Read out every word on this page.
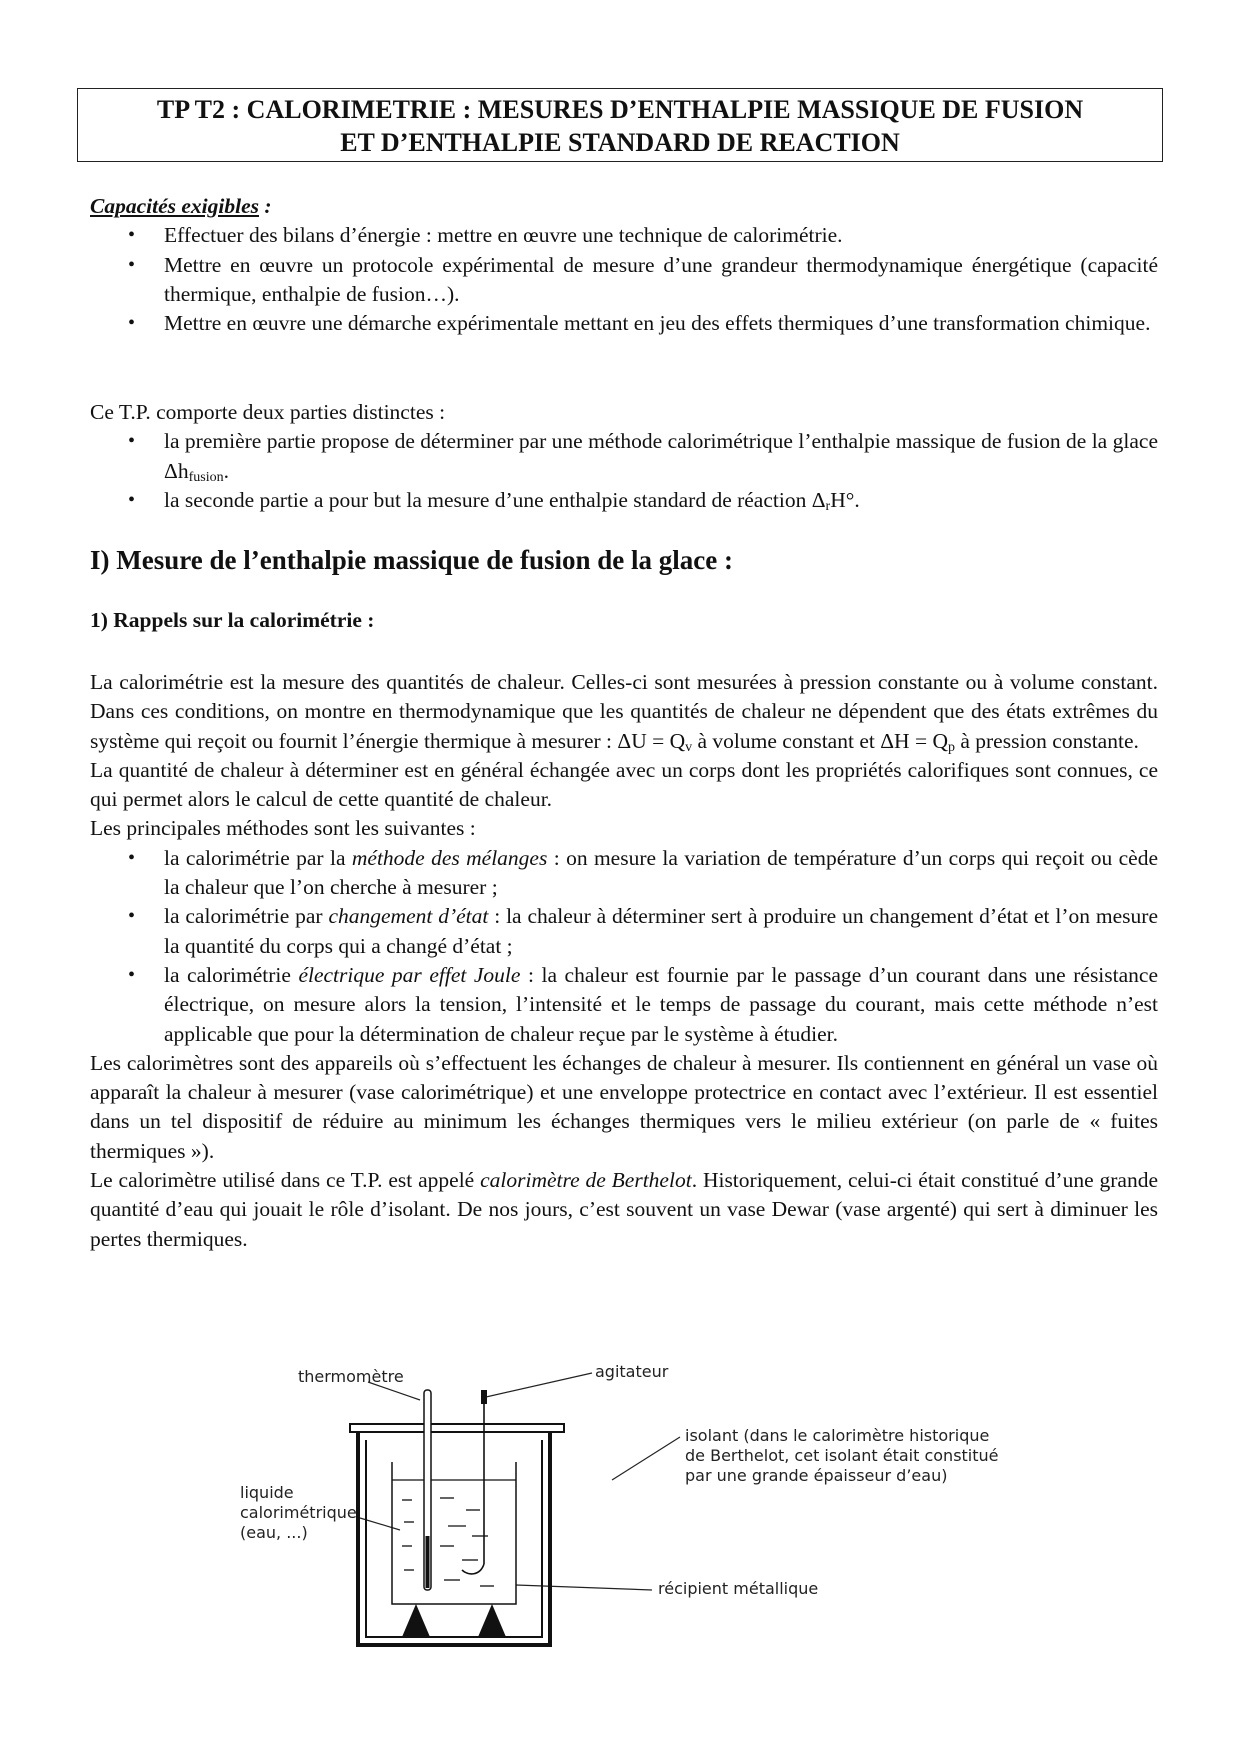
TP T2 : CALORIMETRIE : MESURES D’ENTHALPIE MASSIQUE DE FUSION
ET D’ENTHALPIE STANDARD DE REACTION
Capacités exigibles :
• Effectuer des bilans d’énergie : mettre en œuvre une technique de calorimétrie.
• Mettre en œuvre un protocole expérimental de mesure d’une grandeur thermodynamique énergétique (capacité thermique, enthalpie de fusion…).
• Mettre en œuvre une démarche expérimentale mettant en jeu des effets thermiques d’une transformation chimique.

Ce T.P. comporte deux parties distinctes :

• la première partie propose de déterminer par une méthode calorimétrique l’enthalpie massique de fusion de la glace $\Delta h_{fusion}$.
• la seconde partie a pour but la mesure d’une enthalpie standard de réaction $\Delta_rH^\circ$.
I) Mesure de l’enthalpie massique de fusion de la glace :
1) Rappels sur la calorimétrie :

La calorimétrie est la mesure des quantités de chaleur. Celles-ci sont mesurées à pression constante ou à volume constant. Dans ces conditions, on montre en thermodynamique que les quantités de chaleur ne dépendent que des états extrêmes du système qui reçoit ou fournit l’énergie thermique à mesurer : $\Delta U = Q_v$ à volume constant et $\Delta H = Q_p$ à pression constante.

La quantité de chaleur à déterminer est en général échangée avec un corps dont les propriétés calorifiques sont connues, ce qui permet alors le calcul de cette quantité de chaleur.

Les principales méthodes sont les suivantes :

• la calorimétrie par la méthode des mélanges : on mesure la variation de température d’un corps qui reçoit ou cède la chaleur que l’on cherche à mesurer ;
• la calorimétrie par changement d’état : la chaleur à déterminer sert à produire un changement d’état et l’on mesure la quantité du corps qui a changé d’état ;
• la calorimétrie électrique par effet Joule : la chaleur est fournie par le passage d’un courant dans une résistance électrique, on mesure alors la tension, l’intensité et le temps de passage du courant, mais cette méthode n’est applicable que pour la détermination de chaleur reçue par le système à étudier.

Les calorimètres sont des appareils où s’effectuent les échanges de chaleur à mesurer. Ils contiennent en général un vase où apparaît la chaleur à mesurer (vase calorimétrique) et une enveloppe protectrice en contact avec l’extérieur. Il est essentiel dans un tel dispositif de réduire au minimum les échanges thermiques vers le milieu extérieur (on parle de « fuites thermiques »).

Le calorimètre utilisé dans ce T.P. est appelé calorimètre de Berthelot. Historiquement, celui-ci était constitué d’une grande quantité d’eau qui jouait le rôle d’isolant. De nos jours, c’est souvent un vase Dewar (vase argenté) qui sert à diminuer les pertes thermiques.

thermomètre	agitateur
isolant (dans le calorimètre historique
de Berthelot, cet isolant était constitué
par une grande épaisseur d’eau)
liquide
calorimétrique
(eau, ...)
récipient métallique
